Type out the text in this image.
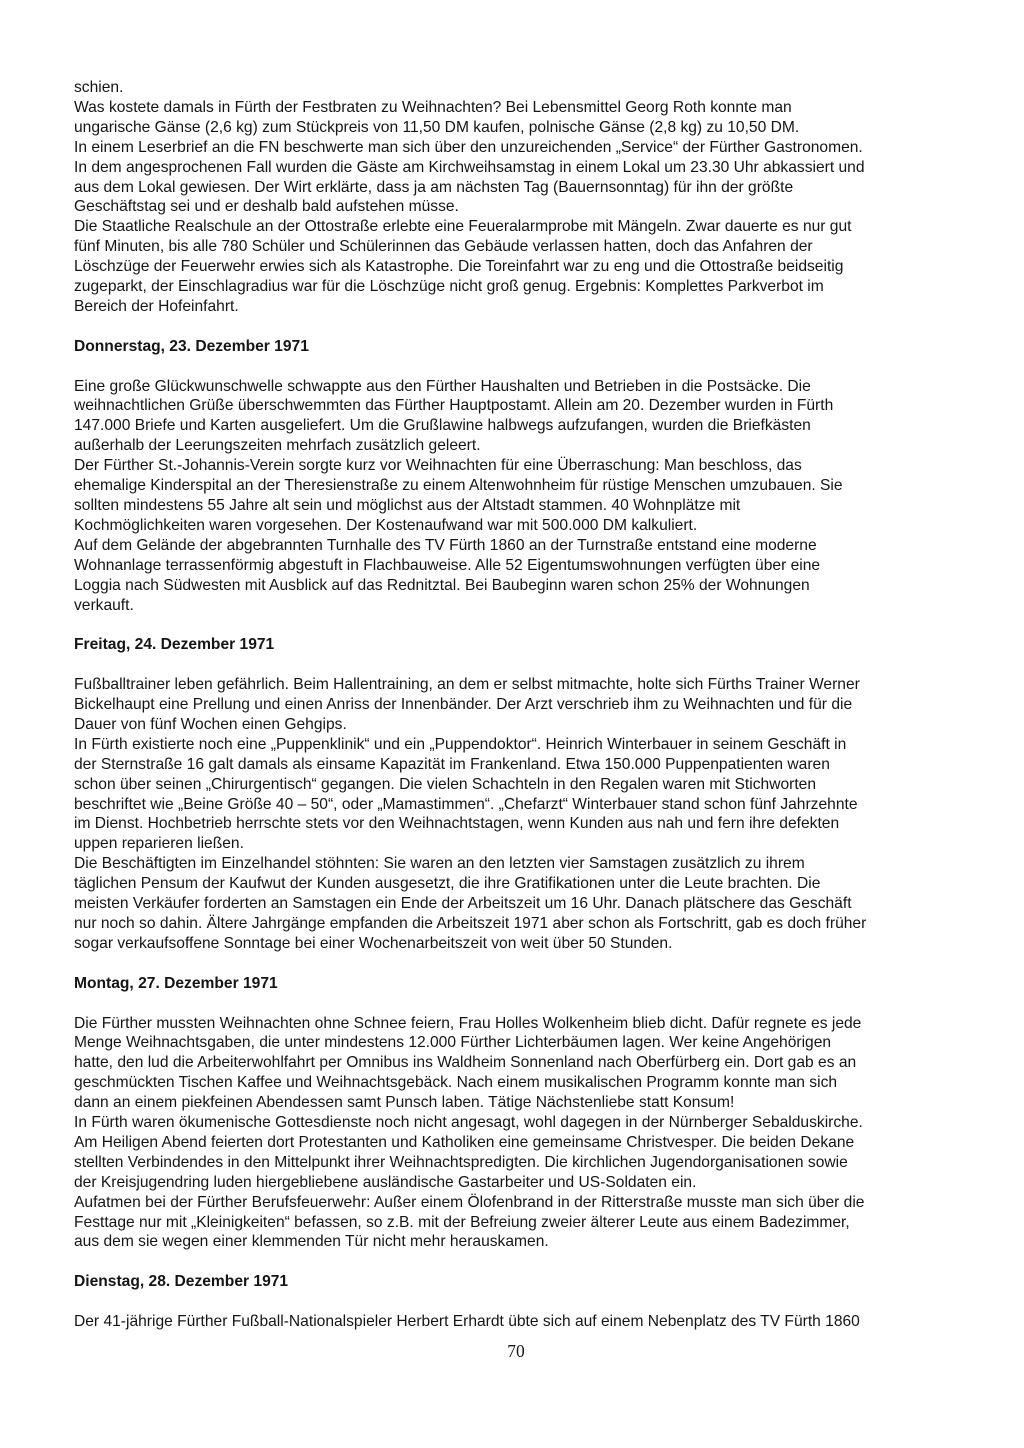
schien.
Was kostete damals in Fürth der Festbraten zu Weihnachten? Bei Lebensmittel Georg Roth konnte man
ungarische Gänse (2,6 kg) zum Stückpreis von 11,50 DM kaufen, polnische Gänse (2,8 kg) zu 10,50 DM.
In einem Leserbrief an die FN beschwerte man sich über den unzureichenden „Service“ der Fürther Gastronomen.
In dem angesprochenen Fall wurden die Gäste am Kirchweihsamstag in einem Lokal um 23.30 Uhr abkassiert und
aus dem Lokal gewiesen. Der Wirt erklärte, dass ja am nächsten Tag (Bauernsonntag) für ihn der größte
Geschäftstag sei und er deshalb bald aufstehen müsse.
Die Staatliche Realschule an der Ottostraße erlebte eine Feueralarmprobe mit Mängeln. Zwar dauerte es nur gut
fünf Minuten, bis alle 780 Schüler und Schülerinnen das Gebäude verlassen hatten, doch das Anfahren der
Löschzüge der Feuerwehr erwies sich als Katastrophe. Die Toreinfahrt war zu eng und die Ottostraße beidseitig
zugeparkt, der Einschlagradius war für die Löschzüge nicht groß genug. Ergebnis: Komplettes Parkverbot im
Bereich der Hofeinfahrt.
Donnerstag, 23. Dezember 1971
Eine große Glückwunschwelle schwappte aus den Fürther Haushalten und Betrieben in die Postsäcke. Die
weihnachtlichen Grüße überschwemmten das Fürther Hauptpostamt. Allein am 20. Dezember wurden in Fürth
147.000 Briefe und Karten ausgeliefert. Um die Grußlawine halbwegs aufzufangen, wurden die Briefkästen
außerhalb der Leerungszeiten mehrfach zusätzlich geleert.
Der Fürther St.-Johannis-Verein sorgte kurz vor Weihnachten für eine Überraschung: Man beschloss, das
ehemalige Kinderspital an der Theresienstraße zu einem Altenwohnheim für rüstige Menschen umzubauen. Sie
sollten mindestens 55 Jahre alt sein und möglichst aus der Altstadt stammen. 40 Wohnplätze mit
Kochmöglichkeiten waren vorgesehen. Der Kostenaufwand war mit 500.000 DM kalkuliert.
Auf dem Gelände der abgebrannten Turnhalle des TV Fürth 1860 an der Turnstraße entstand eine moderne
Wohnanlage terrassenförmig abgestuft in Flachbauweise. Alle 52 Eigentumswohnungen verfügten über eine
Loggia nach Südwesten mit Ausblick auf das Rednitztal. Bei Baubeginn waren schon 25% der Wohnungen
verkauft.
Freitag, 24. Dezember 1971
Fußballtrainer leben gefährlich. Beim Hallentraining, an dem er selbst mitmachte, holte sich Fürths Trainer Werner
Bickelhaupt eine Prellung und einen Anriss der Innenbänder. Der Arzt verschrieb ihm zu Weihnachten und für die
Dauer von fünf Wochen einen Gehgips.
In Fürth existierte noch eine „Puppenklinik“ und ein „Puppendoktor“. Heinrich Winterbauer in seinem Geschäft in
der Sternstraße 16 galt damals als einsame Kapazität im Frankenland. Etwa 150.000 Puppenpatienten waren
schon über seinen „Chirurgentisch“ gegangen. Die vielen Schachteln in den Regalen waren mit Stichworten
beschriftet wie „Beine Größe 40 – 50“, oder „Mamastimmen“. „Chefarzt“ Winterbauer stand schon fünf Jahrzehnte
im Dienst. Hochbetrieb herrschte stets vor den Weihnachtstagen, wenn Kunden aus nah und fern ihre defekten
uppen reparieren ließen.
Die Beschäftigten im Einzelhandel stöhnten: Sie waren an den letzten vier Samstagen zusätzlich zu ihrem
täglichen Pensum der Kaufwut der Kunden ausgesetzt, die ihre Gratifikationen unter die Leute brachten. Die
meisten Verkäufer forderten an Samstagen ein Ende der Arbeitszeit um 16 Uhr. Danach plätschere das Geschäft
nur noch so dahin. Ältere Jahrgänge empfanden die Arbeitszeit 1971 aber schon als Fortschritt, gab es doch früher
sogar verkaufsoffene Sonntage bei einer Wochenarbeitszeit von weit über 50 Stunden.
Montag, 27. Dezember 1971
Die Fürther mussten Weihnachten ohne Schnee feiern, Frau Holles Wolkenheim blieb dicht. Dafür regnete es jede
Menge Weihnachtsgaben, die unter mindestens 12.000 Fürther Lichterbäumen lagen. Wer keine Angehörigen
hatte, den lud die Arbeiterwohlfahrt per Omnibus ins Waldheim Sonnenland nach Oberfürberg ein. Dort gab es an
geschmückten Tischen Kaffee und Weihnachtsgebäck. Nach einem musikalischen Programm konnte man sich
dann an einem piekfeinen Abendessen samt Punsch laben. Tätige Nächstenliebe statt Konsum!
In Fürth waren ökumenische Gottesdienste noch nicht angesagt, wohl dagegen in der Nürnberger Sebalduskirche.
Am Heiligen Abend feierten dort Protestanten und Katholiken eine gemeinsame Christvesper. Die beiden Dekane
stellten Verbindendes in den Mittelpunkt ihrer Weihnachtspredigten. Die kirchlichen Jugendorganisationen sowie
der Kreisjugendring luden hiergebliebene ausländische Gastarbeiter und US-Soldaten ein.
Aufatmen bei der Fürther Berufsfeuerwehr: Außer einem Ölofenbrand in der Ritterstraße musste man sich über die
Festtage nur mit „Kleinigkeiten“ befassen, so z.B. mit der Befreiung zweier älterer Leute aus einem Badezimmer,
aus dem sie wegen einer klemmenden Tür nicht mehr herauskamen.
Dienstag, 28. Dezember 1971
Der 41-jährige Fürther Fußball-Nationalspieler Herbert Erhardt übte sich auf einem Nebenplatz des TV Fürth 1860
70
